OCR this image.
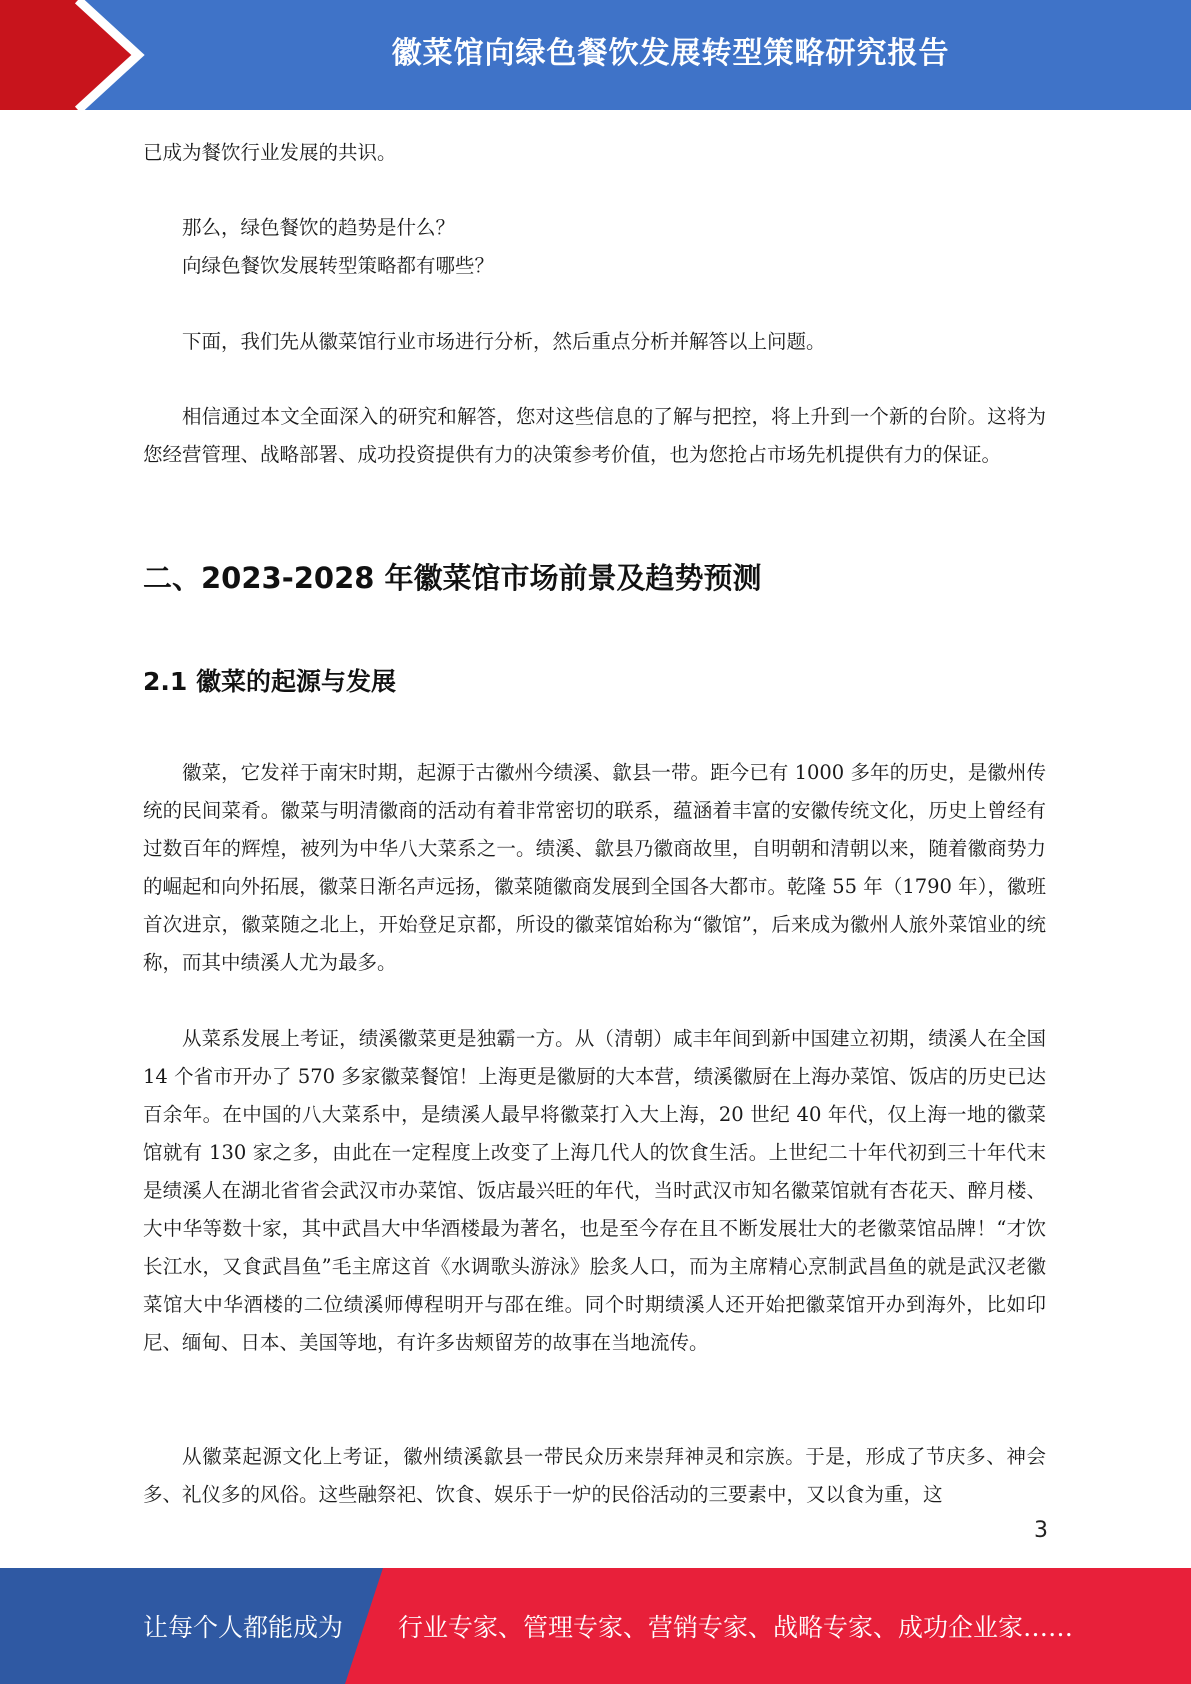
徽菜馆向绿色餐饮发展转型策略研究报告

已成为餐饮行业发展的共识。

那么，绿色餐饮的趋势是什么？

向绿色餐饮发展转型策略都有哪些？

下面，我们先从徽菜馆行业市场进行分析，然后重点分析并解答以上问题。

相信通过本文全面深入的研究和解答，您对这些信息的了解与把控，将上升到一个新的台阶。这将为您经营管理、战略部署、成功投资提供有力的决策参考价值，也为您抢占市场先机提供有力的保证。

二、2023-2028 年徽菜馆市场前景及趋势预测
2.1 徽菜的起源与发展

徽菜，它发祥于南宋时期，起源于古徽州今绩溪、歙县一带。距今已有 1000 多年的历史，是徽州传统的民间菜肴。徽菜与明清徽商的活动有着非常密切的联系，蕴涵着丰富的安徽传统文化，历史上曾经有过数百年的辉煌，被列为中华八大菜系之一。绩溪、歙县乃徽商故里，自明朝和清朝以来，随着徽商势力的崛起和向外拓展，徽菜日渐名声远扬，徽菜随徽商发展到全国各大都市。乾隆 55 年（1790 年），徽班首次进京，徽菜随之北上，开始登足京都，所设的徽菜馆始称为“徽馆”，后来成为徽州人旅外菜馆业的统称，而其中绩溪人尤为最多。

从菜系发展上考证，绩溪徽菜更是独霸一方。从（清朝）咸丰年间到新中国建立初期，绩溪人在全国 14 个省市开办了 570 多家徽菜餐馆！上海更是徽厨的大本营，绩溪徽厨在上海办菜馆、饭店的历史已达百余年。在中国的八大菜系中，是绩溪人最早将徽菜打入大上海，20 世纪 40 年代，仅上海一地的徽菜馆就有 130 家之多，由此在一定程度上改变了上海几代人的饮食生活。上世纪二十年代初到三十年代末是绩溪人在湖北省省会武汉市办菜馆、饭店最兴旺的年代，当时武汉市知名徽菜馆就有杏花天、醉月楼、大中华等数十家，其中武昌大中华酒楼最为著名，也是至今存在且不断发展壮大的老徽菜馆品牌！“才饮长江水，又食武昌鱼”毛主席这首《水调歌头游泳》脍炙人口，而为主席精心烹制武昌鱼的就是武汉老徽菜馆大中华酒楼的二位绩溪师傅程明开与邵在维。同个时期绩溪人还开始把徽菜馆开办到海外，比如印尼、缅甸、日本、美国等地，有许多齿颊留芳的故事在当地流传。

从徽菜起源文化上考证，徽州绩溪歙县一带民众历来崇拜神灵和宗族。于是，形成了节庆多、神会多、礼仪多的风俗。这些融祭祀、饮食、娱乐于一炉的民俗活动的三要素中，又以食为重，这

3
让每个人都能成为 行业专家、管理专家、营销专家、战略专家、成功企业家……
